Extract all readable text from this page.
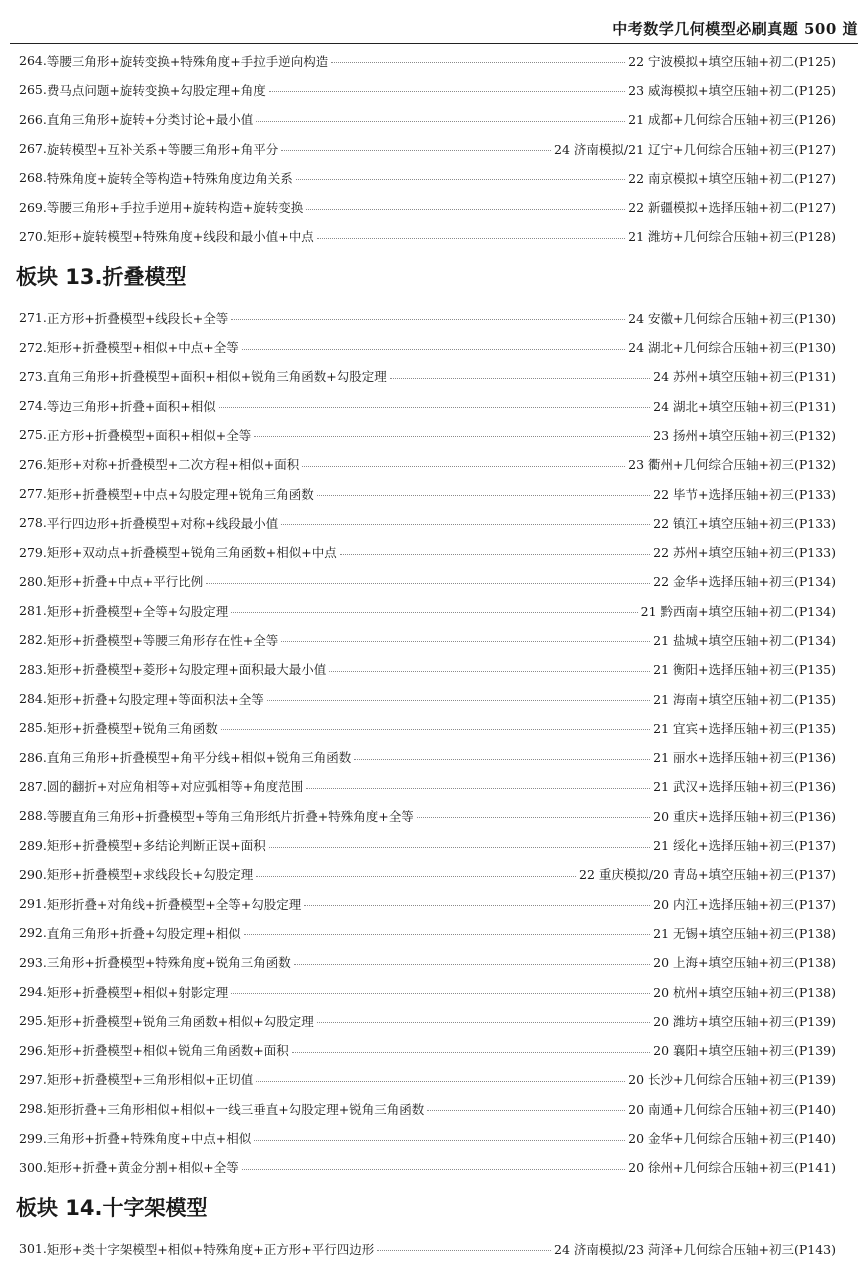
中考数学几何模型必刷真题 500 道
264. 等腰三角形+旋转变换+特殊角度+手拉手逆向构造	22 宁波模拟+填空压轴+初二(P125)
265. 费马点问题+旋转变换+勾股定理+角度	23 威海模拟+填空压轴+初二(P125)
266. 直角三角形+旋转+分类讨论+最小值	21 成都+几何综合压轴+初三(P126)
267. 旋转模型+互补关系+等腰三角形+角平分	24 济南模拟/21 辽宁+几何综合压轴+初三(P127)
268. 特殊角度+旋转全等构造+特殊角度边角关系	22 南京模拟+填空压轴+初二(P127)
269. 等腰三角形+手拉手逆用+旋转构造+旋转变换	22 新疆模拟+选择压轴+初二(P127)
270. 矩形+旋转模型+特殊角度+线段和最小值+中点	21 潍坊+几何综合压轴+初三(P128)
板块 13.折叠模型
271. 正方形+折叠模型+线段长+全等	24 安徽+几何综合压轴+初三(P130)
272. 矩形+折叠模型+相似+中点+全等	24 湖北+几何综合压轴+初三(P130)
273. 直角三角形+折叠模型+面积+相似+锐角三角函数+勾股定理	24 苏州+填空压轴+初三(P131)
274. 等边三角形+折叠+面积+相似	24 湖北+填空压轴+初三(P131)
275. 正方形+折叠模型+面积+相似+全等	23 扬州+填空压轴+初三(P132)
276. 矩形+对称+折叠模型+二次方程+相似+面积	23 衢州+几何综合压轴+初三(P132)
277. 矩形+折叠模型+中点+勾股定理+锐角三角函数	22 毕节+选择压轴+初三(P133)
278. 平行四边形+折叠模型+对称+线段最小值	22 镇江+填空压轴+初三(P133)
279. 矩形+双动点+折叠模型+锐角三角函数+相似+中点	22 苏州+填空压轴+初三(P133)
280. 矩形+折叠+中点+平行比例	22 金华+选择压轴+初三(P134)
281. 矩形+折叠模型+全等+勾股定理	21 黔西南+填空压轴+初二(P134)
282. 矩形+折叠模型+等腰三角形存在性+全等	21 盐城+填空压轴+初二(P134)
283. 矩形+折叠模型+菱形+勾股定理+面积最大最小值	21 衡阳+选择压轴+初三(P135)
284. 矩形+折叠+勾股定理+等面积法+全等	21 海南+填空压轴+初二(P135)
285. 矩形+折叠模型+锐角三角函数	21 宜宾+选择压轴+初三(P135)
286. 直角三角形+折叠模型+角平分线+相似+锐角三角函数	21 丽水+选择压轴+初三(P136)
287. 圆的翻折+对应角相等+对应弧相等+角度范围	21 武汉+选择压轴+初三(P136)
288. 等腰直角三角形+折叠模型+等角三角形纸片折叠+特殊角度+全等	20 重庆+选择压轴+初三(P136)
289. 矩形+折叠模型+多结论判断正误+面积	21 绥化+选择压轴+初三(P137)
290. 矩形+折叠模型+求线段长+勾股定理	22 重庆模拟/20 青岛+填空压轴+初三(P137)
291. 矩形折叠+对角线+折叠模型+全等+勾股定理	20 内江+选择压轴+初三(P137)
292. 直角三角形+折叠+勾股定理+相似	21 无锡+填空压轴+初三(P138)
293. 三角形+折叠模型+特殊角度+锐角三角函数	20 上海+填空压轴+初三(P138)
294. 矩形+折叠模型+相似+射影定理	20 杭州+填空压轴+初三(P138)
295. 矩形+折叠模型+锐角三角函数+相似+勾股定理	20 潍坊+填空压轴+初三(P139)
296. 矩形+折叠模型+相似+锐角三角函数+面积	20 襄阳+填空压轴+初三(P139)
297. 矩形+折叠模型+三角形相似+正切值	20 长沙+几何综合压轴+初三(P139)
298. 矩形折叠+三角形相似+相似+一线三垂直+勾股定理+锐角三角函数	20 南通+几何综合压轴+初三(P140)
299. 三角形+折叠+特殊角度+中点+相似	20 金华+几何综合压轴+初三(P140)
300. 矩形+折叠+黄金分割+相似+全等	20 徐州+几何综合压轴+初三(P141)
板块 14.十字架模型
301. 矩形+类十字架模型+相似+特殊角度+正方形+平行四边形	24 济南模拟/23 菏泽+几何综合压轴+初三(P143)
